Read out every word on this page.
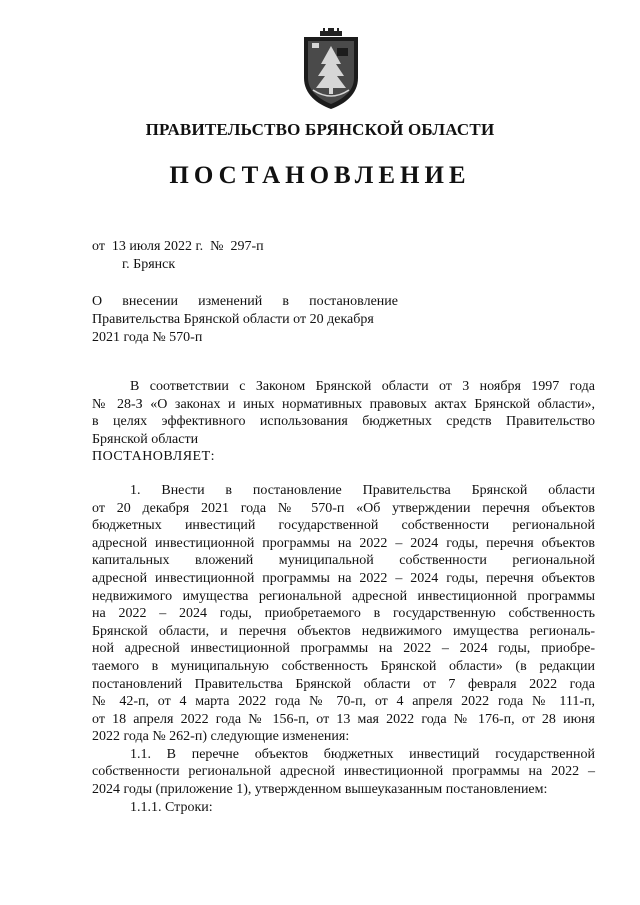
ПРАВИТЕЛЬСТВО БРЯНСКОЙ ОБЛАСТИ
ПОСТАНОВЛЕНИЕ
от  13 июля 2022 г.  №  297-п
г. Брянск
О внесении изменений в постановление
Правительства Брянской области от 20 декабря
2021 года № 570-п
В соответствии с Законом Брянской области от 3 ноября 1997 года
№ 28-З «О законах и иных нормативных правовых актах Брянской области»,
в целях эффективного использования бюджетных средств Правительство
Брянской области
ПОСТАНОВЛЯЕТ:
1. Внести в постановление Правительства Брянской области
от 20 декабря 2021 года № 570-п «Об утверждении перечня объектов
бюджетных инвестиций государственной собственности региональной
адресной инвестиционной программы на 2022 – 2024 годы, перечня объектов
капитальных вложений муниципальной собственности региональной
адресной инвестиционной программы на 2022 – 2024 годы, перечня объектов
недвижимого имущества региональной адресной инвестиционной программы
на 2022 – 2024 годы, приобретаемого в государственную собственность
Брянской области, и перечня объектов недвижимого имущества региональ-
ной адресной инвестиционной программы на 2022 – 2024 годы, приобре-
таемого в муниципальную собственность Брянской области» (в редакции
постановлений Правительства Брянской области от 7 февраля 2022 года
№ 42-п, от 4 марта 2022 года № 70-п, от 4 апреля 2022 года № 111-п,
от 18 апреля 2022 года № 156-п, от 13 мая 2022 года № 176-п, от 28 июня
2022 года № 262-п) следующие изменения:
1.1. В перечне объектов бюджетных инвестиций государственной
собственности региональной адресной инвестиционной программы на 2022 –
2024 годы (приложение 1), утвержденном вышеуказанным постановлением:
1.1.1. Строки:
